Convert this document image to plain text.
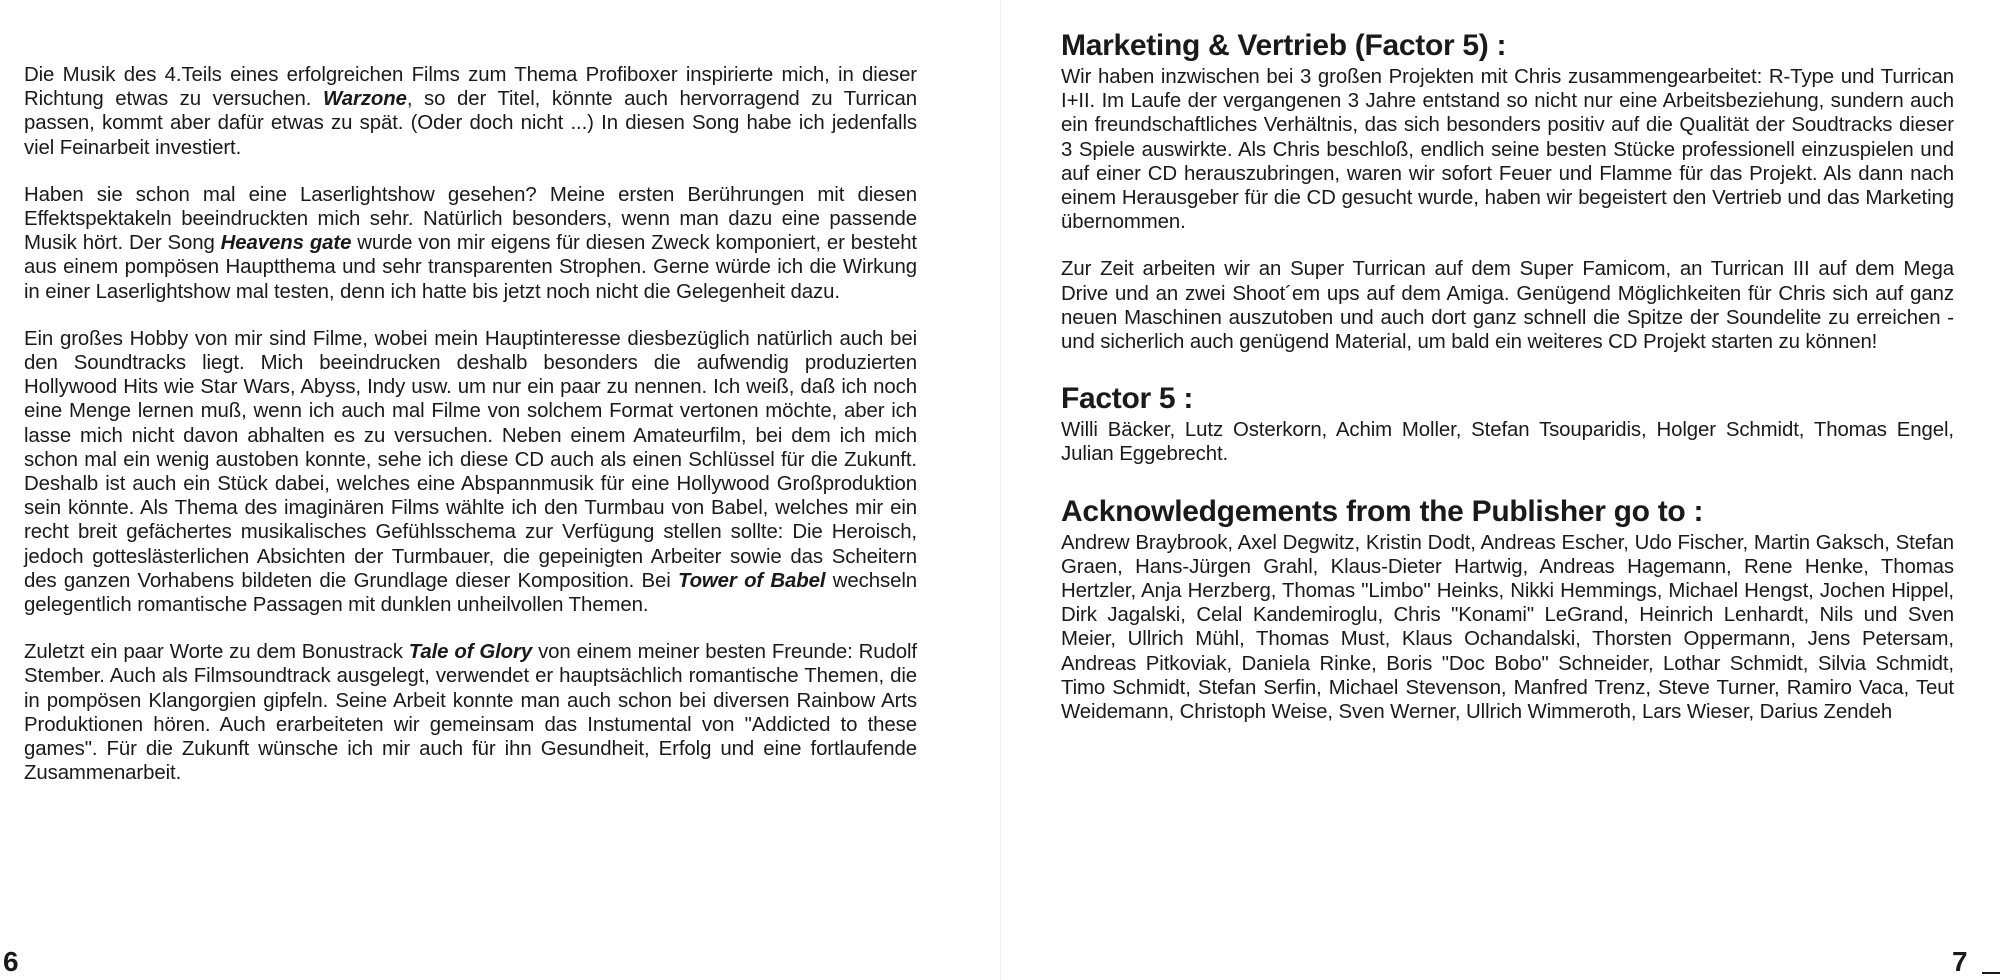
Die Musik des 4.Teils eines erfolgreichen Films zum Thema Profiboxer inspirierte mich, in dieser Richtung etwas zu versuchen. Warzone, so der Titel, könnte auch hervorragend zu Turrican passen, kommt aber dafür etwas zu spät. (Oder doch nicht ...) In diesen Song habe ich jedenfalls viel Feinarbeit investiert.

Haben sie schon mal eine Laserlightshow gesehen? Meine ersten Berührungen mit diesen Effektspektakeln beeindruckten mich sehr. Natürlich besonders, wenn man dazu eine passende Musik hört. Der Song Heavens gate wurde von mir eigens für diesen Zweck komponiert, er besteht aus einem pompösen Hauptthema und sehr transparenten Strophen. Gerne würde ich die Wirkung in einer Laserlightshow mal testen, denn ich hatte bis jetzt noch nicht die Gelegenheit dazu.

Ein großes Hobby von mir sind Filme, wobei mein Hauptinteresse diesbezüglich natürlich auch bei den Soundtracks liegt. Mich beeindrucken deshalb besonders die aufwendig produzierten Hollywood Hits wie Star Wars, Abyss, Indy usw. um nur ein paar zu nennen. Ich weiß, daß ich noch eine Menge lernen muß, wenn ich auch mal Filme von solchem Format vertonen möchte, aber ich lasse mich nicht davon abhalten es zu versuchen. Neben einem Amateurfilm, bei dem ich mich schon mal ein wenig austoben konnte, sehe ich diese CD auch als einen Schlüssel für die Zukunft. Deshalb ist auch ein Stück dabei, welches eine Abspannmusik für eine Hollywood Großproduktion sein könnte. Als Thema des imaginären Films wählte ich den Turmbau von Babel, welches mir ein recht breit gefächertes musikalisches Gefühlsschema zur Verfügung stellen sollte: Die Heroisch, jedoch gotteslästerlichen Absichten der Turmbauer, die gepeinigten Arbeiter sowie das Scheitern des ganzen Vorhabens bildeten die Grundlage dieser Komposition. Bei Tower of Babel wechseln gelegentlich romantische Passagen mit dunklen unheilvollen Themen.

Zuletzt ein paar Worte zu dem Bonustrack Tale of Glory von einem meiner besten Freunde: Rudolf Stember. Auch als Filmsoundtrack ausgelegt, verwendet er hauptsächlich romantische Themen, die in pompösen Klangorgien gipfeln. Seine Arbeit konnte man auch schon bei diversen Rainbow Arts Produktionen hören. Auch erarbeiteten wir gemeinsam das Instumental von "Addicted to these games". Für die Zukunft wünsche ich mir auch für ihn Gesundheit, Erfolg und eine fortlaufende Zusammenarbeit.

6
Marketing & Vertrieb (Factor 5) :

Wir haben inzwischen bei 3 großen Projekten mit Chris zusammengearbeitet: R-Type und Turrican I+II. Im Laufe der vergangenen 3 Jahre entstand so nicht nur eine Arbeitsbeziehung, sundern auch ein freundschaftliches Verhältnis, das sich besonders positiv auf die Qualität der Soudtracks dieser 3 Spiele auswirkte. Als Chris beschloß, endlich seine besten Stücke professionell einzuspielen und auf einer CD herauszubringen, waren wir sofort Feuer und Flamme für das Projekt. Als dann nach einem Herausgeber für die CD gesucht wurde, haben wir begeistert den Vertrieb und das Marketing übernommen.

Zur Zeit arbeiten wir an Super Turrican auf dem Super Famicom, an Turrican III auf dem Mega Drive und an zwei Shoot´em ups auf dem Amiga. Genügend Möglichkeiten für Chris sich auf ganz neuen Maschinen auszutoben und auch dort ganz schnell die Spitze der Soundelite zu erreichen - und sicherlich auch genügend Material, um bald ein weiteres CD Projekt starten zu können!

Factor 5 :

Willi Bäcker, Lutz Osterkorn, Achim Moller, Stefan Tsouparidis, Holger Schmidt, Thomas Engel, Julian Eggebrecht.

Acknowledgements from the Publisher go to :

Andrew Braybrook, Axel Degwitz, Kristin Dodt, Andreas Escher, Udo Fischer, Martin Gaksch, Stefan Graen, Hans-Jürgen Grahl, Klaus-Dieter Hartwig, Andreas Hagemann, Rene Henke, Thomas Hertzler, Anja Herzberg, Thomas "Limbo" Heinks, Nikki Hemmings, Michael Hengst, Jochen Hippel, Dirk Jagalski, Celal Kandemiroglu, Chris "Konami" LeGrand, Heinrich Lenhardt, Nils und Sven Meier, Ullrich Mühl, Thomas Must, Klaus Ochandalski, Thorsten Oppermann, Jens Petersam, Andreas Pitkoviak, Daniela Rinke, Boris "Doc Bobo" Schneider, Lothar Schmidt, Silvia Schmidt, Timo Schmidt, Stefan Serfin, Michael Stevenson, Manfred Trenz, Steve Turner, Ramiro Vaca, Teut Weidemann, Christoph Weise, Sven Werner, Ullrich Wimmeroth, Lars Wieser, Darius Zendeh

7
